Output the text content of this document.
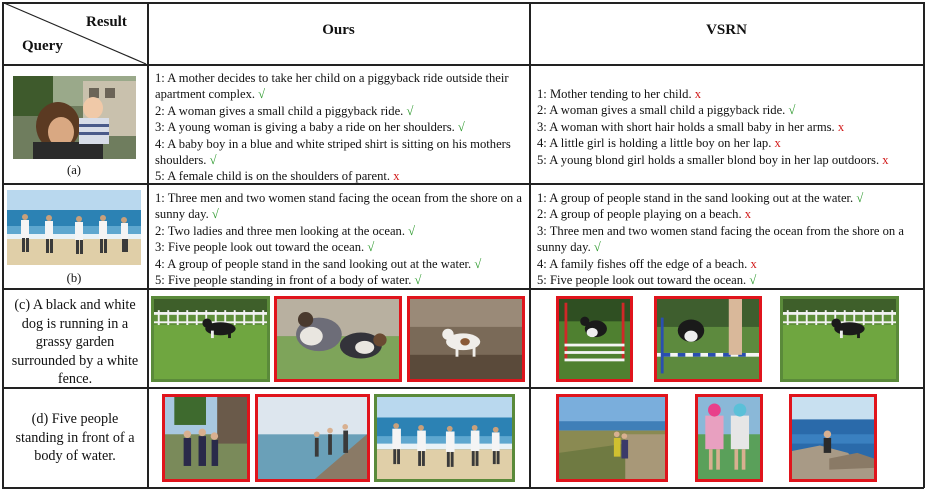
Result
Query
Ours	VSRN
(a)
1: A mother decides to take her child on a piggyback ride outside their apartment complex. √
2: A woman gives a small child a piggyback ride. √
3: A young woman is giving a baby a ride on her shoulders. √
4: A baby boy in a blue and white striped shirt is sitting on his mothers shoulders. √
5: A female child is on the shoulders of parent. x
1: Mother tending to her child. x
2: A woman gives a small child a piggyback ride. √
3: A woman with short hair holds a small baby in her arms. x
4: A little girl is holding a little boy on her lap. x
5: A young blond girl holds a smaller blond boy in her lap outdoors. x
(b)
1: Three men and two women stand facing the ocean from the shore on a sunny day. √
2: Two ladies and three men looking at the ocean. √
3: Five people look out toward the ocean. √
4: A group of people stand in the sand looking out at the water. √
5: Five people standing in front of a body of water. √
1: A group of people stand in the sand looking out at the water. √
2: A group of people playing on a beach. x
3: Three men and two women stand facing the ocean from the shore on a sunny day. √
4: A family fishes off the edge of a beach. x
5: Five people look out toward the ocean. √
(c) A black and white dog is running in a grassy garden surrounded by a white fence.
(d) Five people standing in front of a body of water.
